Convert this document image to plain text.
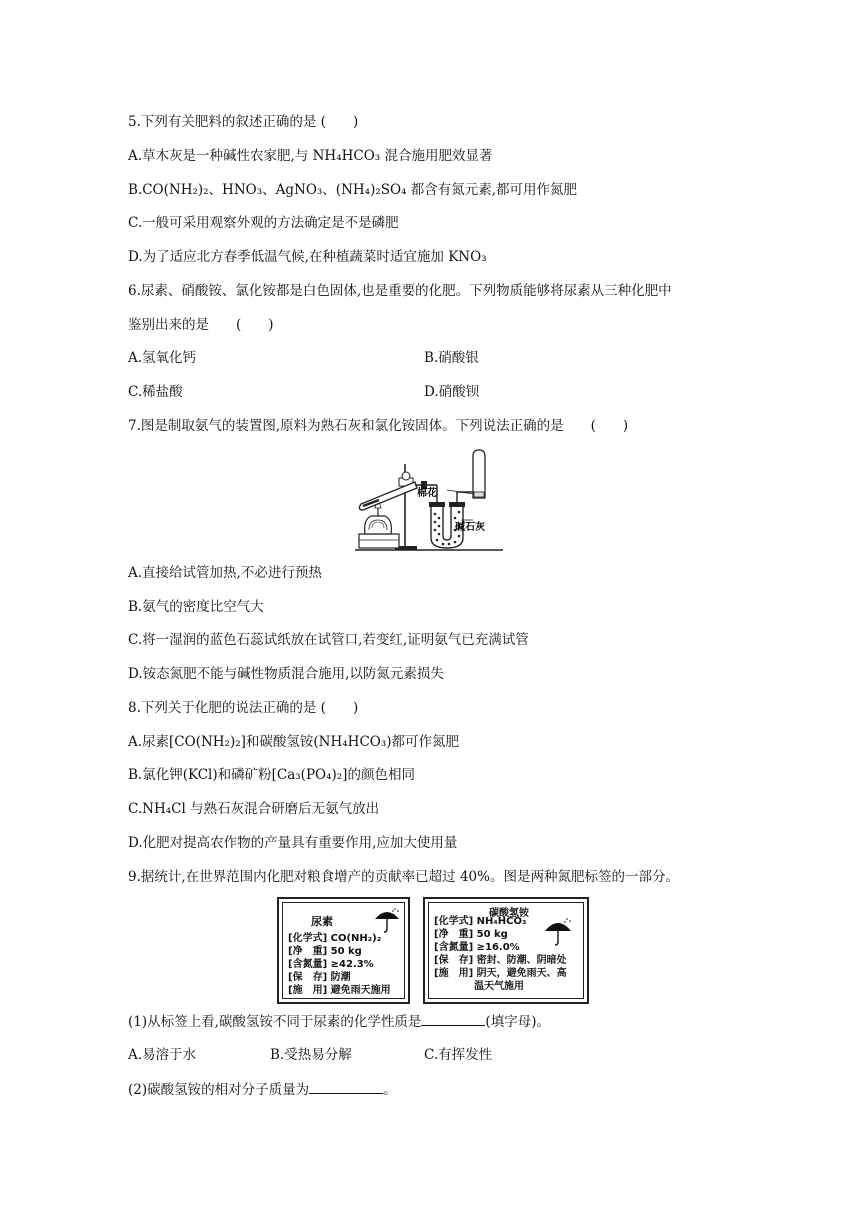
5.下列有关肥料的叙述正确的是 (　　)
A.草木灰是一种碱性农家肥,与 NH₄HCO₃ 混合施用肥效显著
B.CO(NH₂)₂、HNO₃、AgNO₃、(NH₄)₂SO₄ 都含有氮元素,都可用作氮肥
C.一般可采用观察外观的方法确定是不是磷肥
D.为了适应北方春季低温气候,在种植蔬菜时适宜施加 KNO₃
6.尿素、硝酸铵、氯化铵都是白色固体,也是重要的化肥。下列物质能够将尿素从三种化肥中
鉴别出来的是　　(　　)
A.氢氧化钙	B.硝酸银
C.稀盐酸	D.硝酸钡
7.图是制取氨气的装置图,原料为熟石灰和氯化铵固体。下列说法正确的是　　(　　)
棉花
碱石灰
A.直接给试管加热,不必进行预热
B.氨气的密度比空气大
C.将一湿润的蓝色石蕊试纸放在试管口,若变红,证明氨气已充满试管
D.铵态氮肥不能与碱性物质混合施用,以防氮元素损失
8.下列关于化肥的说法正确的是 (　　)
A.尿素[CO(NH₂)₂]和碳酸氢铵(NH₄HCO₃)都可作氮肥
B.氯化钾(KCl)和磷矿粉[Ca₃(PO₄)₂]的颜色相同
C.NH₄Cl 与熟石灰混合研磨后无氨气放出
D.化肥对提高农作物的产量具有重要作用,应加大使用量
9.据统计,在世界范围内化肥对粮食增产的贡献率已超过 40%。图是两种氮肥标签的一部分。
尿素
[化学式] CO(NH₂)₂
[净　重] 50 kg
[含氮量] ≥42.3%
[保　存] 防潮
[施　用] 避免雨天施用
碳酸氢铵
[化学式] NH₄HCO₃
[净　重] 50 kg
[含氮量] ≥16.0%
[保　存] 密封、防潮、阴暗处
[施　用] 阴天，避免雨天、高
　　　　温天气施用
(1)从标签上看,碳酸氢铵不同于尿素的化学性质是	(填字母)。
A.易溶于水	B.受热易分解	C.有挥发性
(2)碳酸氢铵的相对分子质量为	。
